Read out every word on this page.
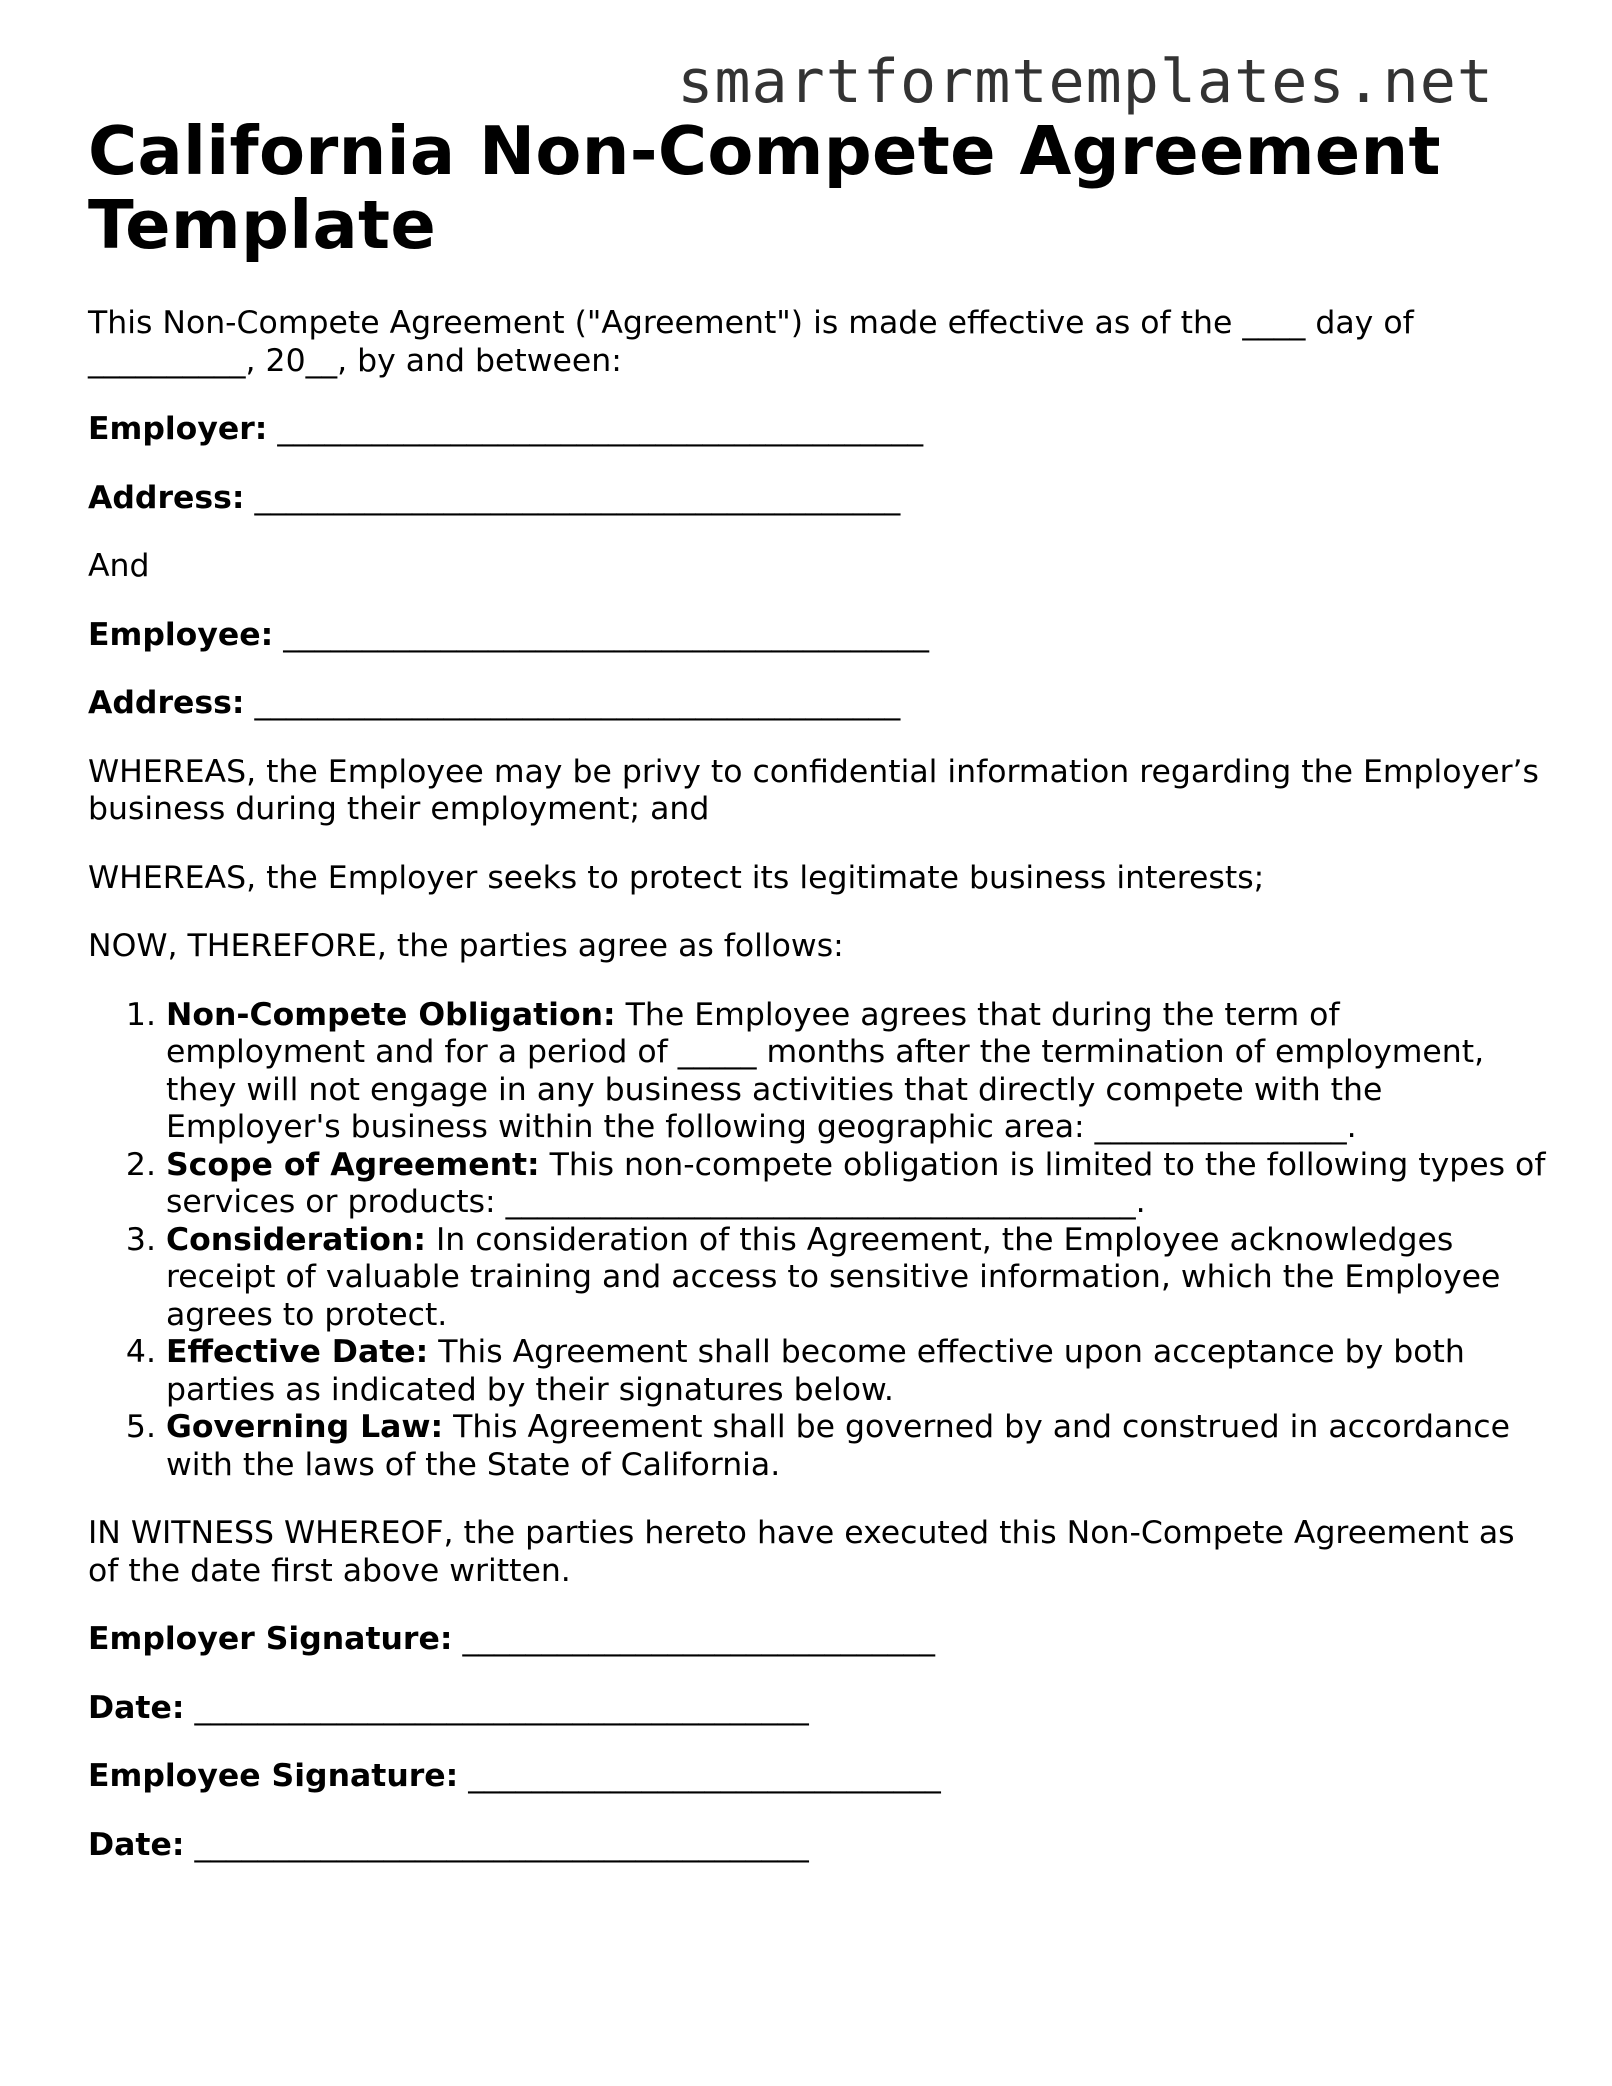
smartformtemplates.net
California Non-Compete Agreement Template

This Non-Compete Agreement ("Agreement") is made effective as of the ____ day of __________, 20__, by and between:

Employer: _________________________________________

Address: _________________________________________

And

Employee: _________________________________________

Address: _________________________________________

WHEREAS, the Employee may be privy to confidential information regarding the Employer’s business during their employment; and

WHEREAS, the Employer seeks to protect its legitimate business interests;

NOW, THEREFORE, the parties agree as follows:

1. Non-Compete Obligation: The Employee agrees that during the term of employment and for a period of _____ months after the termination of employment, they will not engage in any business activities that directly compete with the Employer's business within the following geographic area: ________________.
2. Scope of Agreement: This non-compete obligation is limited to the following types of services or products: ________________________________________.
3. Consideration: In consideration of this Agreement, the Employee acknowledges receipt of valuable training and access to sensitive information, which the Employee agrees to protect.
4. Effective Date: This Agreement shall become effective upon acceptance by both parties as indicated by their signatures below.
5. Governing Law: This Agreement shall be governed by and construed in accordance with the laws of the State of California.

IN WITNESS WHEREOF, the parties hereto have executed this Non-Compete Agreement as of the date first above written.

Employer Signature: ______________________________

Date: _______________________________________

Employee Signature: ______________________________

Date: _______________________________________
